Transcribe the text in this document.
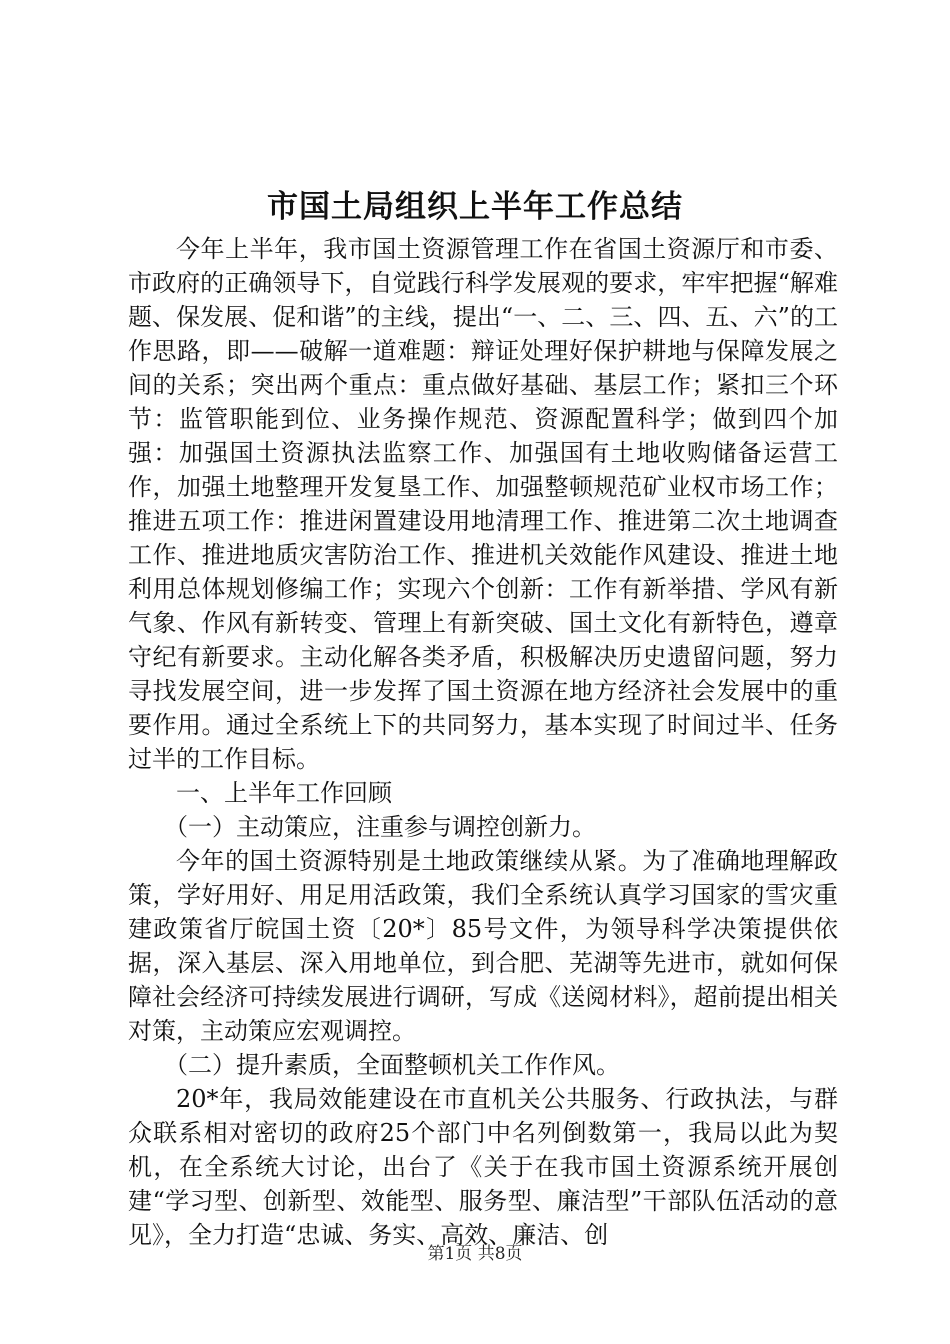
市国土局组织上半年工作总结

今年上半年，我市国土资源管理工作在省国土资源厅和市委、市政府的正确领导下，自觉践行科学发展观的要求，牢牢把握“解难题、保发展、促和谐”的主线，提出“一、二、三、四、五、六”的工作思路，即——破解一道难题：辩证处理好保护耕地与保障发展之间的关系；突出两个重点：重点做好基础、基层工作；紧扣三个环节：监管职能到位、业务操作规范、资源配置科学；做到四个加强：加强国土资源执法监察工作、加强国有土地收购储备运营工作，加强土地整理开发复垦工作、加强整顿规范矿业权市场工作；推进五项工作：推进闲置建设用地清理工作、推进第二次土地调查工作、推进地质灾害防治工作、推进机关效能作风建设、推进土地利用总体规划修编工作；实现六个创新：工作有新举措、学风有新气象、作风有新转变、管理上有新突破、国土文化有新特色，遵章守纪有新要求。主动化解各类矛盾，积极解决历史遗留问题，努力寻找发展空间，进一步发挥了国土资源在地方经济社会发展中的重要作用。通过全系统上下的共同努力，基本实现了时间过半、任务过半的工作目标。

一、上半年工作回顾

（一）主动策应，注重参与调控创新力。

今年的国土资源特别是土地政策继续从紧。为了准确地理解政策，学好用好、用足用活政策，我们全系统认真学习国家的雪灾重建政策省厅皖国土资〔20*〕85号文件，为领导科学决策提供依据，深入基层、深入用地单位，到合肥、芜湖等先进市，就如何保障社会经济可持续发展进行调研，写成《送阅材料》，超前提出相关对策，主动策应宏观调控。

（二）提升素质，全面整顿机关工作作风。

20*年，我局效能建设在市直机关公共服务、行政执法，与群众联系相对密切的政府25个部门中名列倒数第一，我局以此为契机，在全系统大讨论，出台了《关于在我市国土资源系统开展创建“学习型、创新型、效能型、服务型、廉洁型”干部队伍活动的意见》，全力打造“忠诚、务实、高效、廉洁、创

第1页 共8页
